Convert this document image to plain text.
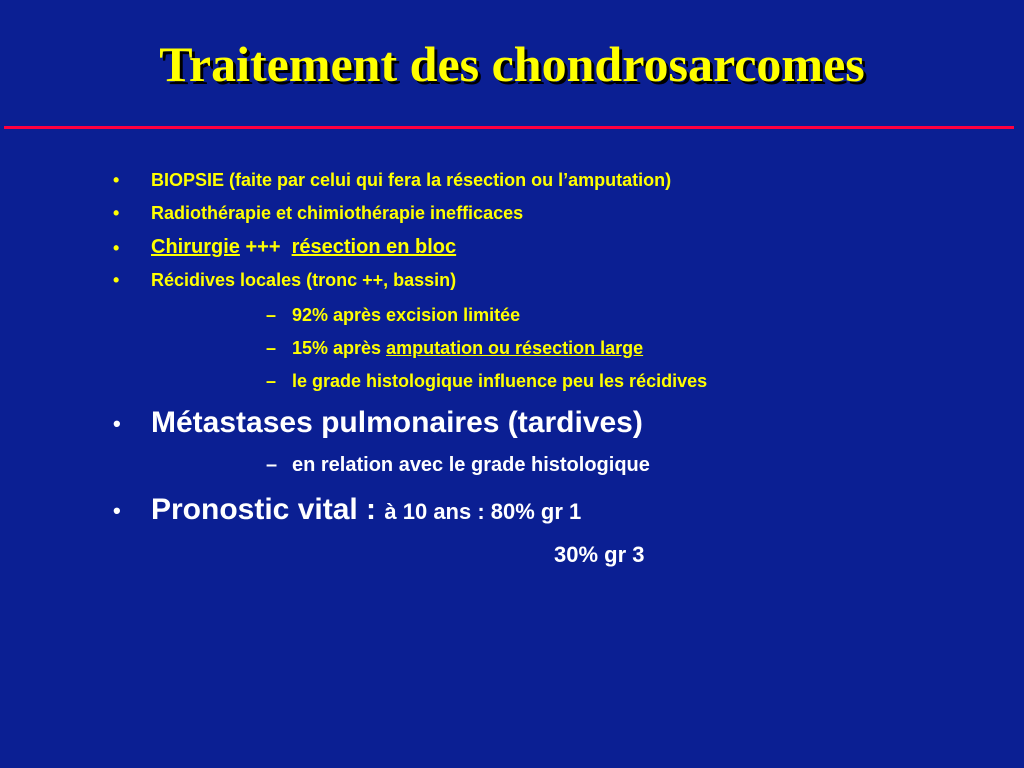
Traitement des chondrosarcomes
• BIOPSIE (faite par celui qui fera la résection ou l’amputation)
• Radiothérapie et chimiothérapie inefficaces
• Chirurgie +++  résection en bloc
• Récidives locales (tronc ++, bassin)
– 92% après excision limitée
– 15% après amputation ou résection large
– le grade histologique influence peu les récidives
• Métastases pulmonaires (tardives)
– en relation avec le grade histologique
• Pronostic vital : à 10 ans : 80% gr 1
30% gr 3
